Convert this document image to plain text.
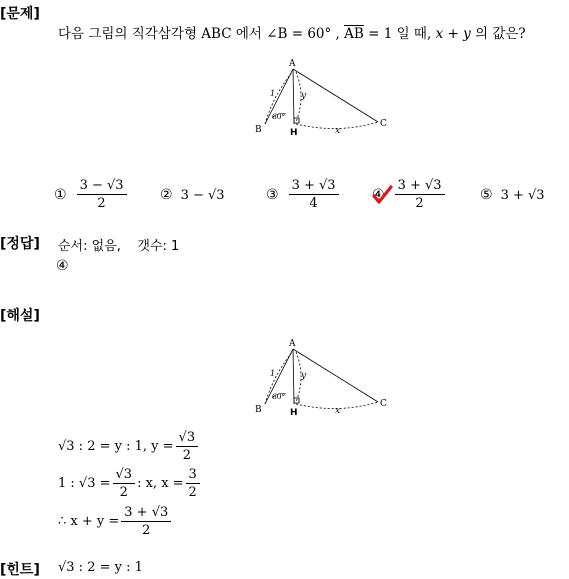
[문제]
다음 그림의 직각삼각형 ABC 에서 ∠B = 60° , AB = 1 일 때, x + y 의 값은?
A
B	H
C
1	y
x
60°
① $\frac{3 - √3}{2}$ ② 3 − √3	③ $\frac{3 + √3}{4}$ ④ $\frac{3 + √3}{2}$	⑤ 3 + √3
[정답] 순서: 없음, 갯수: 1
④
[해설]
A
B	H
C
1	y
x
60°
√3 : 2 = y : 1,
$y = \frac{√3}{2}$
1 : $√3 = \frac{√3}{2}$ : x,
$x = \frac{3}{2}$
∴ $x + y = \frac{3 + √3}{2}$
[힌트] √3 : 2 = y : 1
